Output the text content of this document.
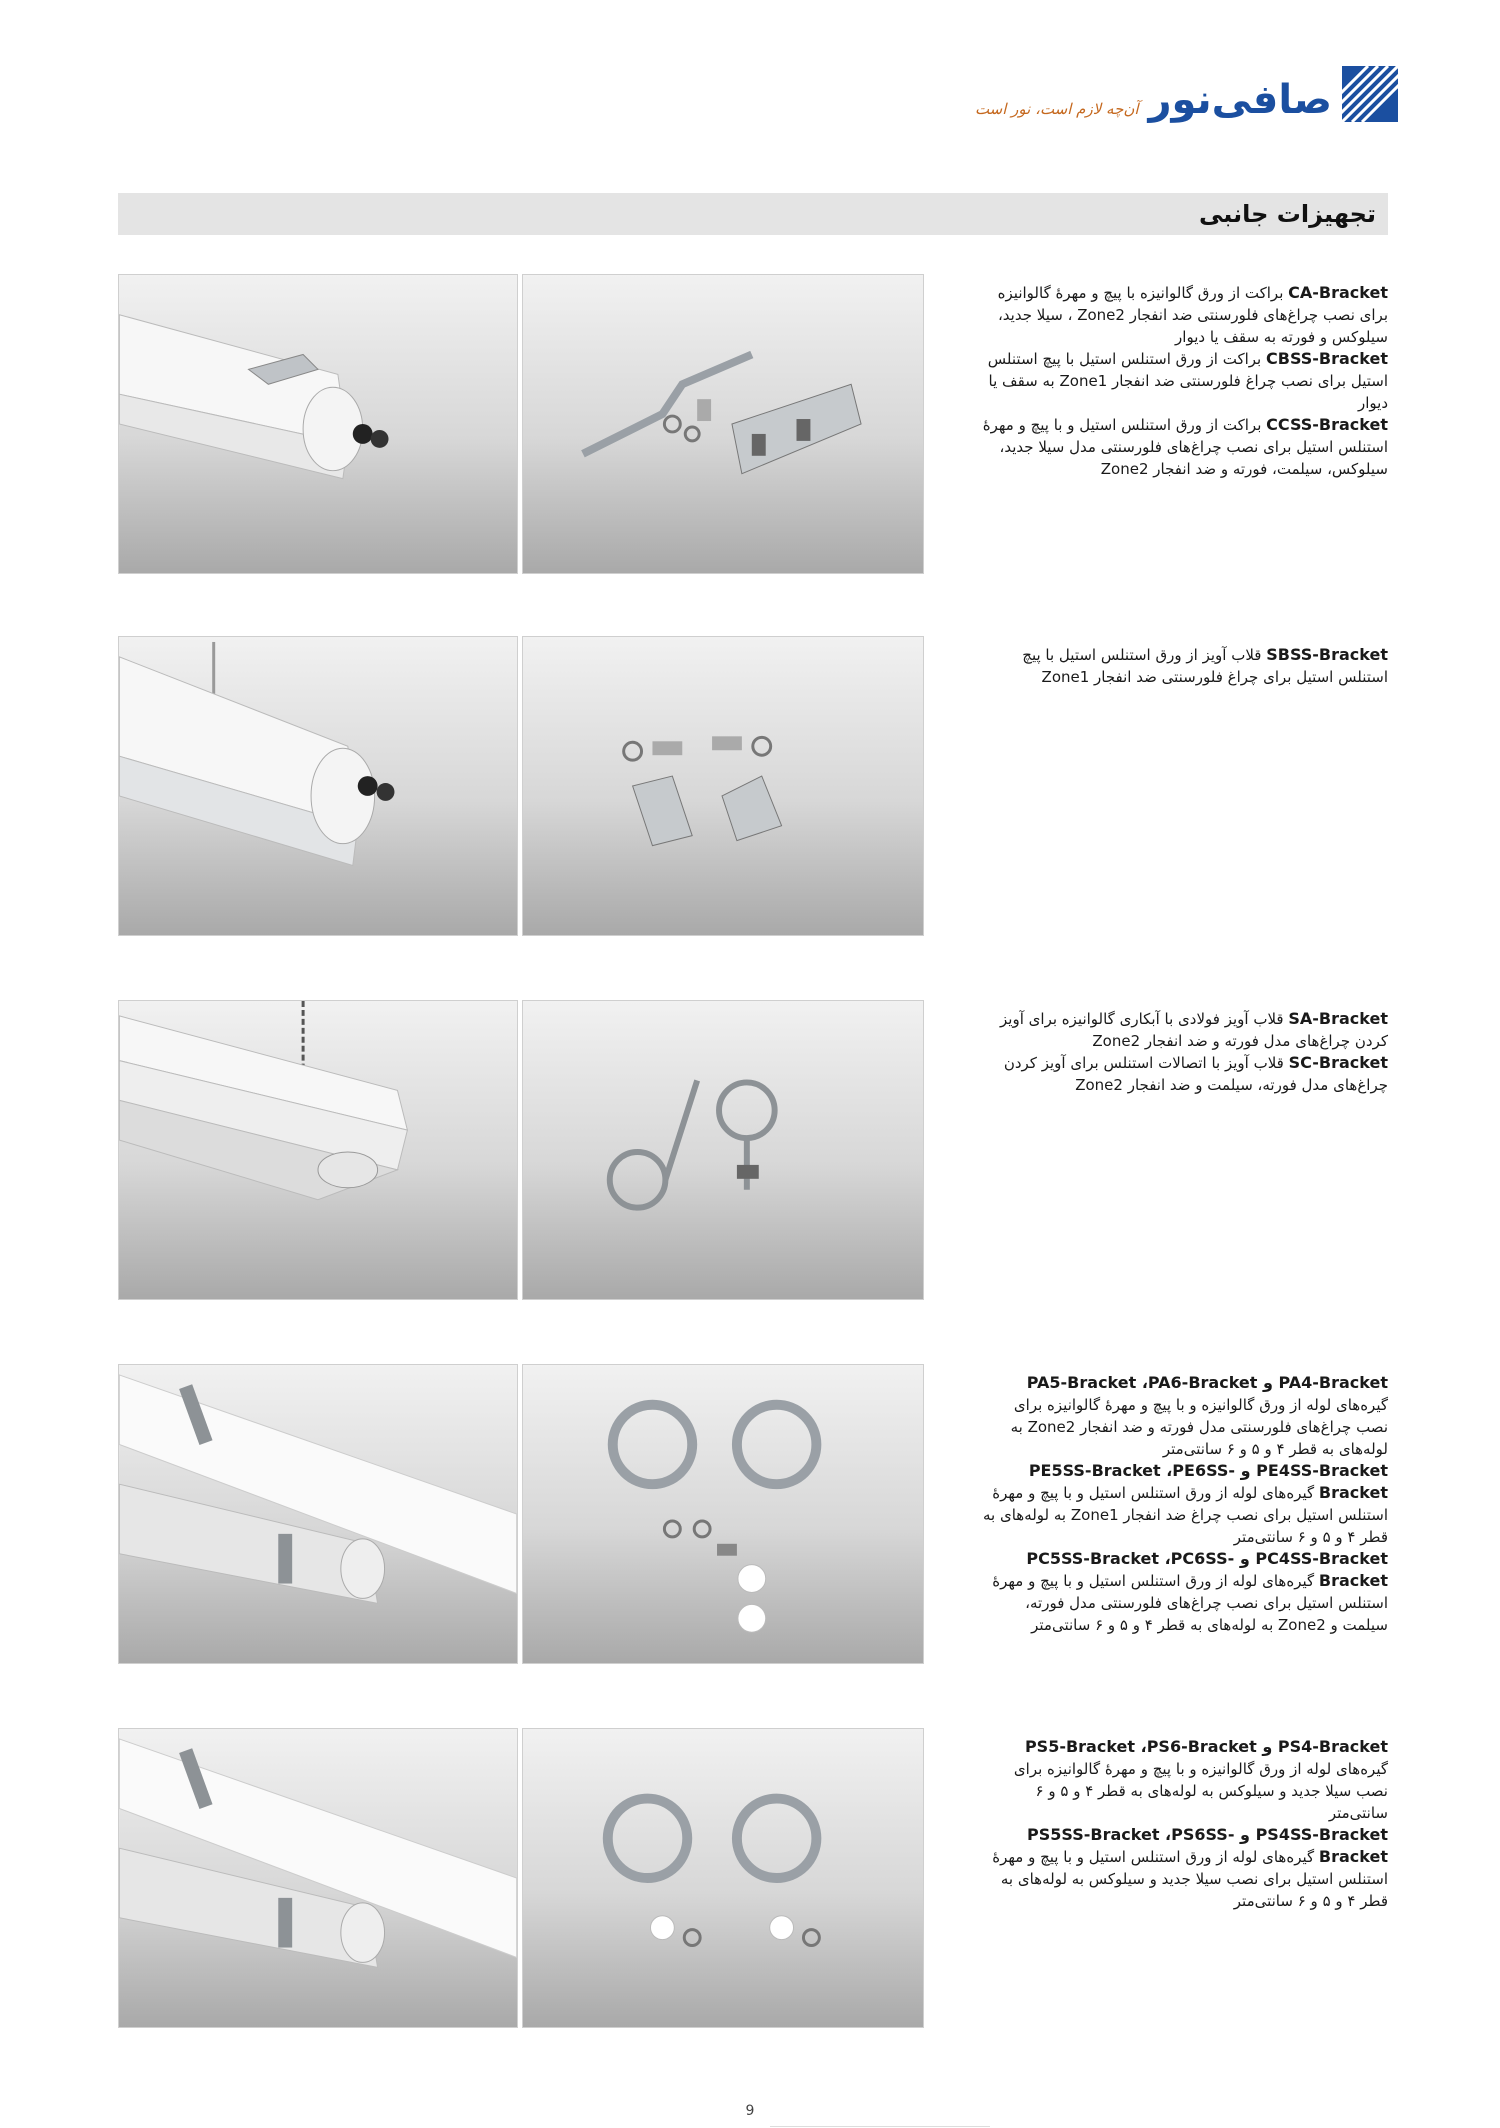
آن‌چه لازم است، نور است صافی‌نور
تجهیزات جانبی

CA-Bracket براکت از ورق گالوانیزه با پیچ و مهرهٔ گالوانیزه برای نصب چراغ‌های فلورسنتی ضد انفجار Zone2 ، سیلا جدید، سیلوکس و فورته به سقف یا دیوار

CBSS-Bracket براکت از ورق استنلس استیل با پیچ استنلس استیل برای نصب چراغ فلورسنتی ضد انفجار Zone1 به سقف یا دیوار

CCSS-Bracket براکت از ورق استنلس استیل و با پیچ و مهرهٔ استنلس استیل برای نصب چراغ‌های فلورسنتی مدل سیلا جدید، سیلوکس، سیلمت، فورته و ضد انفجار Zone2

SBSS-Bracket قلاب آویز از ورق استنلس استیل با پیچ استنلس استیل برای چراغ فلورسنتی ضد انفجار Zone1

SA-Bracket قلاب آویز فولادی با آبکاری گالوانیزه برای آویز کردن چراغ‌های مدل فورته و ضد انفجار Zone2

SC-Bracket قلاب آویز با اتصالات استنلس برای آویز کردن چراغ‌های مدل فورته، سیلمت و ضد انفجار Zone2

PA4-Bracket و PA5-Bracket ،PA6-Bracket گیره‌های لوله از ورق گالوانیزه و با پیچ و مهرهٔ گالوانیزه برای نصب چراغ‌های فلورسنتی مدل فورته و ضد انفجار Zone2 به لوله‌های به قطر ۴ و ۵ و ۶ سانتی‌متر

PE4SS-Bracket و PE5SS-Bracket ،PE6SS-Bracket گیره‌های لوله از ورق استنلس استیل و با پیچ و مهرهٔ استنلس استیل برای نصب چراغ ضد انفجار Zone1 به لوله‌های به قطر ۴ و ۵ و ۶ سانتی‌متر

PC4SS-Bracket و PC5SS-Bracket ،PC6SS-Bracket گیره‌های لوله از ورق استنلس استیل و با پیچ و مهرهٔ استنلس استیل برای نصب چراغ‌های فلورسنتی مدل فورته، سیلمت و Zone2 به لوله‌های به قطر ۴ و ۵ و ۶ سانتی‌متر

PS4-Bracket و PS5-Bracket ،PS6-Bracket گیره‌های لوله از ورق گالوانیزه و با پیچ و مهرهٔ گالوانیزه برای نصب سیلا جدید و سیلوکس به لوله‌های به قطر ۴ و ۵ و ۶ سانتی‌متر

PS4SS-Bracket و PS5SS-Bracket ،PS6SS-Bracket گیره‌های لوله از ورق استنلس استیل و با پیچ و مهرهٔ استنلس استیل برای نصب سیلا جدید و سیلوکس به لوله‌های به قطر ۴ و ۵ و ۶ سانتی‌متر

9
